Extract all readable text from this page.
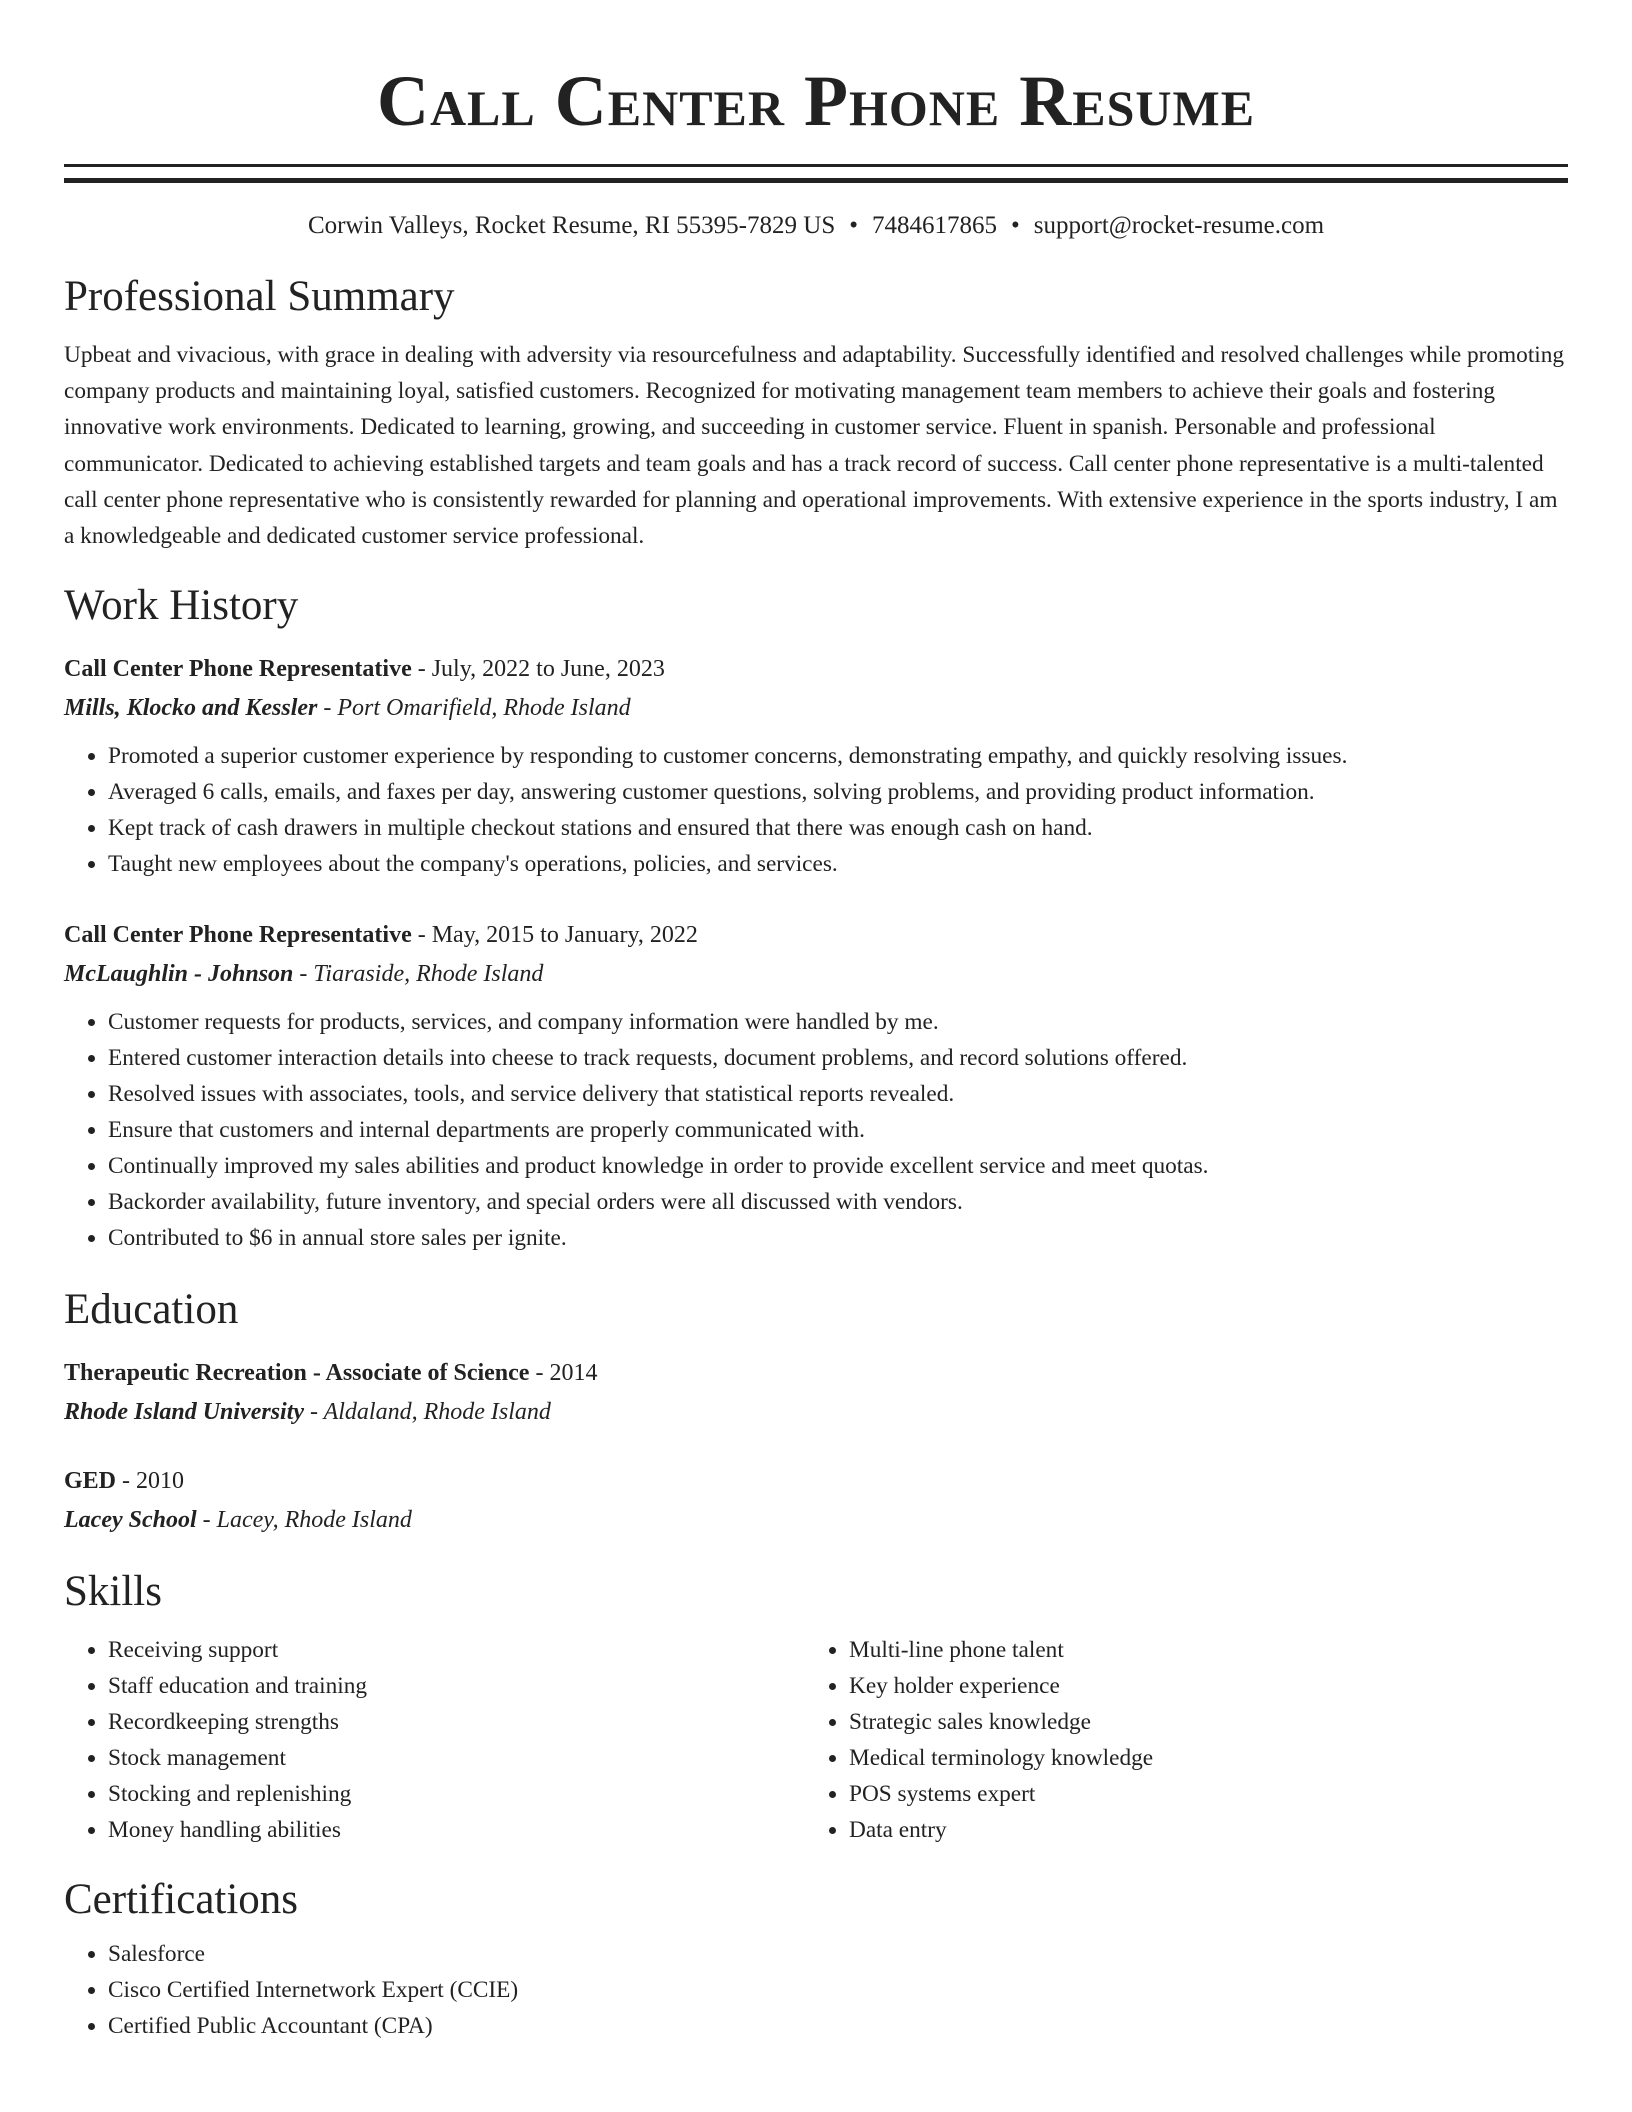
Call Center Phone Resume
Corwin Valleys, Rocket Resume, RI 55395-7829 US • 7484617865 • support@rocket-resume.com
Professional Summary

Upbeat and vivacious, with grace in dealing with adversity via resourcefulness and adaptability. Successfully identified and resolved challenges while promoting company products and maintaining loyal, satisfied customers. Recognized for motivating management team members to achieve their goals and fostering innovative work environments. Dedicated to learning, growing, and succeeding in customer service. Fluent in spanish. Personable and professional communicator. Dedicated to achieving established targets and team goals and has a track record of success. Call center phone representative is a multi-talented call center phone representative who is consistently rewarded for planning and operational improvements. With extensive experience in the sports industry, I am a knowledgeable and dedicated customer service professional.

Work History
Call Center Phone Representative - July, 2022 to June, 2023
Mills, Klocko and Kessler - Port Omarifield, Rhode Island
• Promoted a superior customer experience by responding to customer concerns, demonstrating empathy, and quickly resolving issues.
• Averaged 6 calls, emails, and faxes per day, answering customer questions, solving problems, and providing product information.
• Kept track of cash drawers in multiple checkout stations and ensured that there was enough cash on hand.
• Taught new employees about the company's operations, policies, and services.
Call Center Phone Representative - May, 2015 to January, 2022
McLaughlin - Johnson - Tiaraside, Rhode Island
• Customer requests for products, services, and company information were handled by me.
• Entered customer interaction details into cheese to track requests, document problems, and record solutions offered.
• Resolved issues with associates, tools, and service delivery that statistical reports revealed.
• Ensure that customers and internal departments are properly communicated with.
• Continually improved my sales abilities and product knowledge in order to provide excellent service and meet quotas.
• Backorder availability, future inventory, and special orders were all discussed with vendors.
• Contributed to $6 in annual store sales per ignite.
Education
Therapeutic Recreation - Associate of Science - 2014
Rhode Island University - Aldaland, Rhode Island
GED - 2010
Lacey School - Lacey, Rhode Island
Skills
• Receiving support
• Staff education and training
• Recordkeeping strengths
• Stock management
• Stocking and replenishing
• Money handling abilities
• Multi-line phone talent
• Key holder experience
• Strategic sales knowledge
• Medical terminology knowledge
• POS systems expert
• Data entry
Certifications
• Salesforce
• Cisco Certified Internetwork Expert (CCIE)
• Certified Public Accountant (CPA)
